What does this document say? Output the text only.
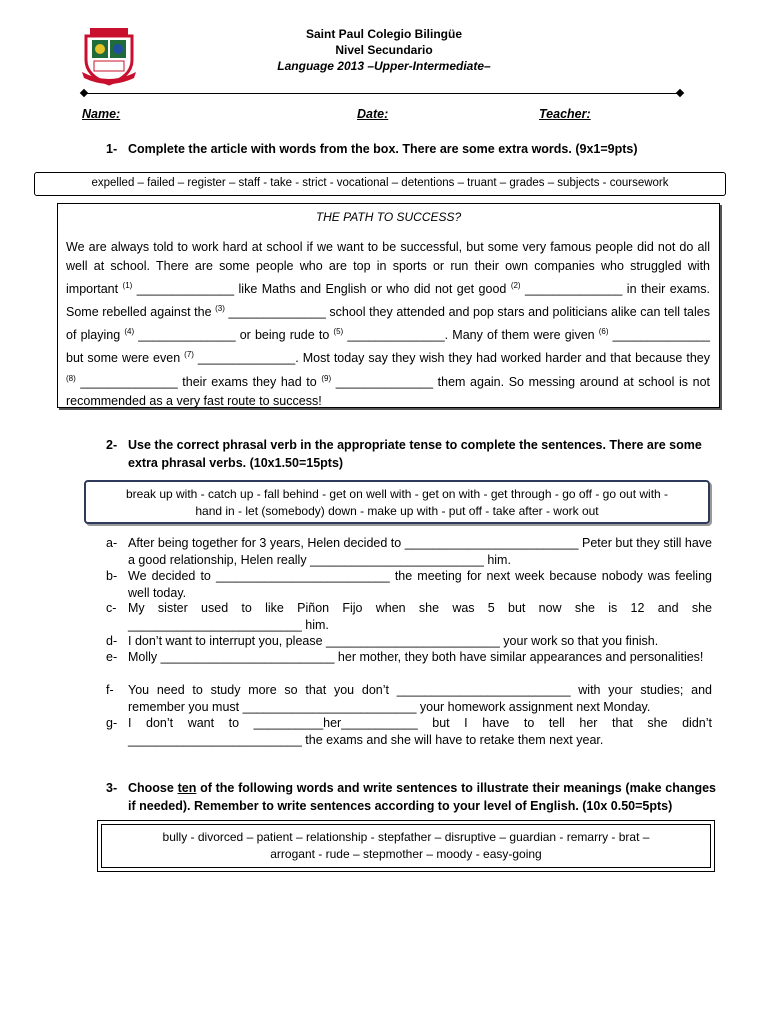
Saint Paul Colegio Bilingüe
Nivel Secundario
Language 2013 –Upper-Intermediate–
Name:	Date:	Teacher:
1- Complete the article with words from the box. There are some extra words. (9x1=9pts)
expelled – failed – register – staff - take - strict - vocational – detentions – truant – grades – subjects - coursework
THE PATH TO SUCCESS?
We are always told to work hard at school if we want to be successful, but some very famous people did not do all well at school. There are some people who are top in sports or run their own companies who struggled with important $^{(1)}$ ______________ like Maths and English or who did not get good $^{(2)}$ ______________ in their exams. Some rebelled against the $^{(3)}$ ______________ school they attended and pop stars and politicians alike can tell tales of playing $^{(4)}$ ______________ or being rude to $^{(5)}$ ______________. Many of them were given $^{(6)}$ ______________ but some were even $^{(7)}$ ______________. Most today say they wish they had worked harder and that because they $^{(8)}$ ______________ their exams they had to $^{(9)}$ ______________ them again. So messing around at school is not recommended as a very fast route to success!
2- Use the correct phrasal verb in the appropriate tense to complete the sentences. There are some
extra phrasal verbs. (10x1.50=15pts)
break up with - catch up - fall behind - get on well with - get on with - get through - go off - go out with -
hand in - let (somebody) down - make up with - put off - take after - work out
a- After being together for 3 years, Helen decided to _________________________ Peter but they still have a good relationship, Helen really _________________________ him.
b- We decided to _________________________ the meeting for next week because nobody was feeling well today.
c- My sister used to like Piñon Fijo when she was 5 but now she is 12 and she _________________________ him.
d- I don’t want to interrupt you, please _________________________ your work so that you finish.
e- Molly _________________________ her mother, they both have similar appearances and personalities!
f- You need to study more so that you don’t _________________________ with your studies; and remember you must _________________________ your homework assignment next Monday.
g- I don’t want to __________her___________ but I have to tell her that she didn’t _________________________ the exams and she will have to retake them next year.
3- Choose ten of the following words and write sentences to illustrate their meanings (make changes if needed). Remember to write sentences according to your level of English. (10x 0.50=5pts)
bully - divorced – patient – relationship - stepfather – disruptive – guardian - remarry - brat –
arrogant - rude – stepmother – moody - easy-going
